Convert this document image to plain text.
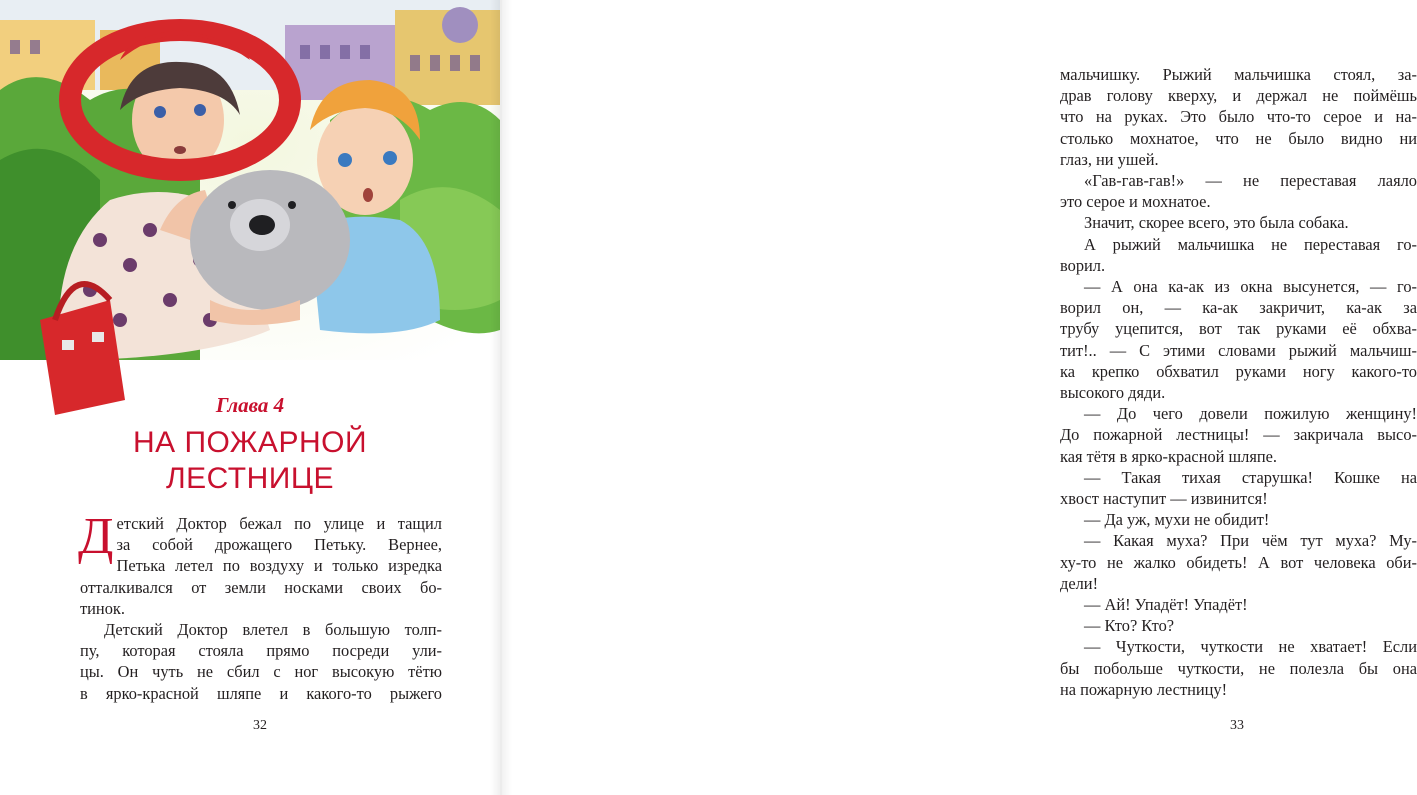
Глава 4
НА ПОЖАРНОЙ
ЛЕСТНИЦЕ

Д етский Доктор бежал по улице и тащил
за собой дрожащего Петьку. Вернее,
Петька летел по воздуху и только изредка
отталкивался от земли носками своих бо-
тинок.

Детский Доктор влетел в большую толп-
пу, которая стояла прямо посреди ули-
цы. Он чуть не сбил с ног высокую тётю
в ярко-красной шляпе и какого-то рыжего

32
мальчишку. Рыжий мальчишка стоял, за-
драв голову кверху, и держал не поймёшь
что на руках. Это было что-то серое и на-
столько мохнатое, что не было видно ни
глаз, ни ушей.
«Гав-гав-гав!» — не переставая лаяло
это серое и мохнатое.
Значит, скорее всего, это была собака.
А рыжий мальчишка не переставая го-
ворил.
— А она ка-ак из окна высунется, — го-
ворил он, — ка-ак закричит, ка-ак за
трубу уцепится, вот так руками её обхва-
тит!.. — С этими словами рыжий мальчиш-
ка крепко обхватил руками ногу какого-то
высокого дяди.
— До чего довели пожилую женщину!
До пожарной лестницы! — закричала высо-
кая тётя в ярко-красной шляпе.
— Такая тихая старушка! Кошке на
хвост наступит — извинится!
— Да уж, мухи не обидит!
— Какая муха? При чём тут муха? Му-
ху-то не жалко обидеть! А вот человека оби-
дели!
— Ай! Упадёт! Упадёт!
— Кто? Кто?
— Чуткости, чуткости не хватает! Если
бы побольше чуткости, не полезла бы она
на пожарную лестницу!
33
